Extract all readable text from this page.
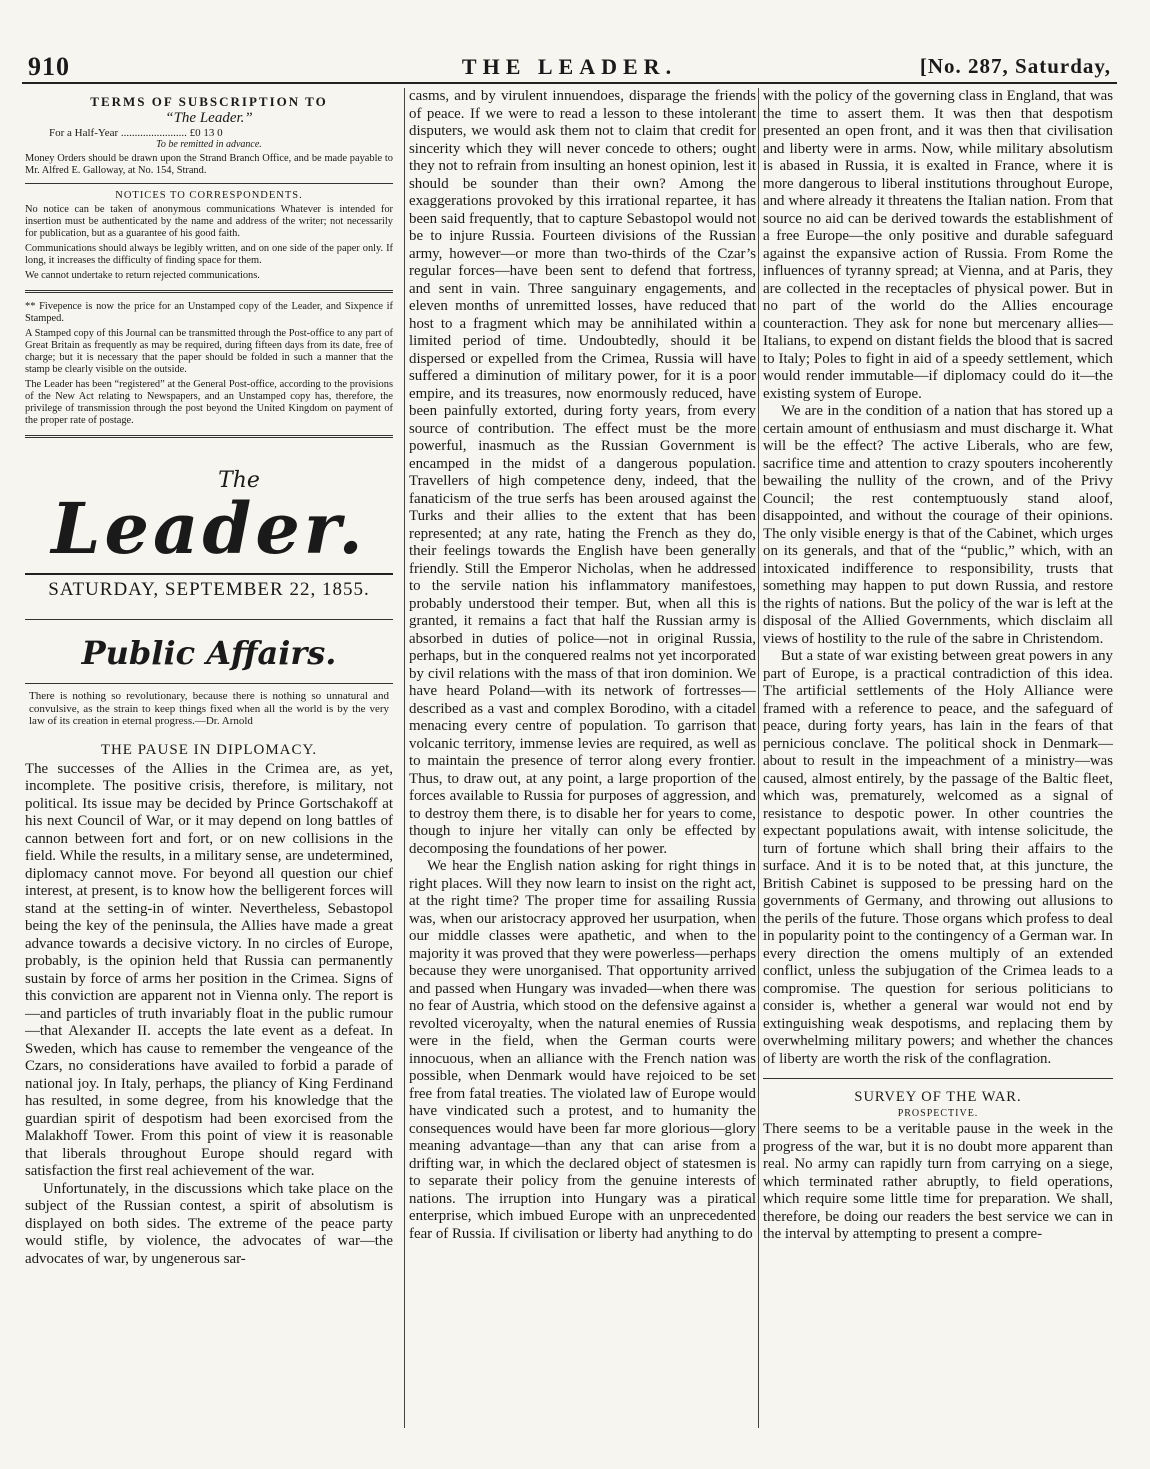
910	THE LEADER.	[No. 287, Saturday,
TERMS OF SUBSCRIPTION TO
“The Leader.”
For a Half-Year ........................ £0 13 0
To be remitted in advance.

Money Orders should be drawn upon the Strand Branch Office, and be made payable to Mr. Alfred E. Galloway, at No. 154, Strand.

NOTICES TO CORRESPONDENTS.

No notice can be taken of anonymous communications Whatever is intended for insertion must be authenticated by the name and address of the writer; not necessarily for publication, but as a guarantee of his good faith.

Communications should always be legibly written, and on one side of the paper only. If long, it increases the difficulty of finding space for them.

We cannot undertake to return rejected communications.

*⁩* Fivepence is now the price for an Unstamped copy of the Leader, and Sixpence if Stamped.

A Stamped copy of this Journal can be transmitted through the Post-office to any part of Great Britain as frequently as may be required, during fifteen days from its date, free of charge; but it is necessary that the paper should be folded in such a manner that the stamp be clearly visible on the outside.

The Leader has been “registered” at the General Post-office, according to the provisions of the New Act relating to Newspapers, and an Unstamped copy has, therefore, the privilege of transmission through the post beyond the United Kingdom on payment of the proper rate of postage.

The
Leader.
SATURDAY, SEPTEMBER 22, 1855.
Public Affairs.

There is nothing so revolutionary, because there is nothing so unnatural and convulsive, as the strain to keep things fixed when all the world is by the very law of its creation in eternal progress.—Dr. Arnold

THE PAUSE IN DIPLOMACY.

The successes of the Allies in the Crimea are, as yet, incomplete. The positive crisis, therefore, is military, not political. Its issue may be decided by Prince Gortschakoff at his next Council of War, or it may depend on long battles of cannon between fort and fort, or on new collisions in the field. While the results, in a military sense, are undetermined, diplomacy cannot move. For beyond all question our chief interest, at present, is to know how the belligerent forces will stand at the setting-in of winter. Nevertheless, Sebastopol being the key of the peninsula, the Allies have made a great advance towards a decisive victory. In no circles of Europe, probably, is the opinion held that Russia can permanently sustain by force of arms her position in the Crimea. Signs of this conviction are apparent not in Vienna only. The report is—and particles of truth invariably float in the public rumour—that Alexander II. accepts the late event as a defeat. In Sweden, which has cause to remember the vengeance of the Czars, no considerations have availed to forbid a parade of national joy. In Italy, perhaps, the pliancy of King Ferdinand has resulted, in some degree, from his knowledge that the guardian spirit of despotism had been exorcised from the Malakhoff Tower. From this point of view it is reasonable that liberals throughout Europe should regard with satisfaction the first real achievement of the war.

Unfortunately, in the discussions which take place on the subject of the Russian contest, a spirit of absolutism is displayed on both sides. The extreme of the peace party would stifle, by violence, the advocates of war—the advocates of war, by ungenerous sar-

casms, and by virulent innuendoes, disparage the friends of peace. If we were to read a lesson to these intolerant disputers, we would ask them not to claim that credit for sincerity which they will never concede to others; ought they not to refrain from insulting an honest opinion, lest it should be sounder than their own? Among the exaggerations provoked by this irrational repartee, it has been said frequently, that to capture Sebastopol would not be to injure Russia. Fourteen divisions of the Russian army, however—or more than two-thirds of the Czar’s regular forces—have been sent to defend that fortress, and sent in vain. Three sanguinary engagements, and eleven months of unremitted losses, have reduced that host to a fragment which may be annihilated within a limited period of time. Undoubtedly, should it be dispersed or expelled from the Crimea, Russia will have suffered a diminution of military power, for it is a poor empire, and its treasures, now enormously reduced, have been painfully extorted, during forty years, from every source of contribution. The effect must be the more powerful, inasmuch as the Russian Government is encamped in the midst of a dangerous population. Travellers of high competence deny, indeed, that the fanaticism of the true serfs has been aroused against the Turks and their allies to the extent that has been represented; at any rate, hating the French as they do, their feelings towards the English have been generally friendly. Still the Emperor Nicholas, when he addressed to the servile nation his inflammatory manifestoes, probably understood their temper. But, when all this is granted, it remains a fact that half the Russian army is absorbed in duties of police—not in original Russia, perhaps, but in the conquered realms not yet incorporated by civil relations with the mass of that iron dominion. We have heard Poland—with its network of fortresses—described as a vast and complex Borodino, with a citadel menacing every centre of population. To garrison that volcanic territory, immense levies are required, as well as to maintain the presence of terror along every frontier. Thus, to draw out, at any point, a large proportion of the forces available to Russia for purposes of aggression, and to destroy them there, is to disable her for years to come, though to injure her vitally can only be effected by decomposing the foundations of her power.

We hear the English nation asking for right things in right places. Will they now learn to insist on the right act, at the right time? The proper time for assailing Russia was, when our aristocracy approved her usurpation, when our middle classes were apathetic, and when to the majority it was proved that they were powerless—perhaps because they were unorganised. That opportunity arrived and passed when Hungary was invaded—when there was no fear of Austria, which stood on the defensive against a revolted viceroyalty, when the natural enemies of Russia were in the field, when the German courts were innocuous, when an alliance with the French nation was possible, when Denmark would have rejoiced to be set free from fatal treaties. The violated law of Europe would have vindicated such a protest, and to humanity the consequences would have been far more glorious—glory meaning advantage—than any that can arise from a drifting war, in which the declared object of statesmen is to separate their policy from the genuine interests of nations. The irruption into Hungary was a piratical enterprise, which imbued Europe with an unprecedented fear of Russia. If civilisation or liberty had anything to do

with the policy of the governing class in England, that was the time to assert them. It was then that despotism presented an open front, and it was then that civilisation and liberty were in arms. Now, while military absolutism is abased in Russia, it is exalted in France, where it is more dangerous to liberal institutions throughout Europe, and where already it threatens the Italian nation. From that source no aid can be derived towards the establishment of a free Europe—the only positive and durable safeguard against the expansive action of Russia. From Rome the influences of tyranny spread; at Vienna, and at Paris, they are collected in the receptacles of physical power. But in no part of the world do the Allies encourage counteraction. They ask for none but mercenary allies—Italians, to expend on distant fields the blood that is sacred to Italy; Poles to fight in aid of a speedy settlement, which would render immutable—if diplomacy could do it—the existing system of Europe.

We are in the condition of a nation that has stored up a certain amount of enthusiasm and must discharge it. What will be the effect? The active Liberals, who are few, sacrifice time and attention to crazy spouters incoherently bewailing the nullity of the crown, and of the Privy Council; the rest contemptuously stand aloof, disappointed, and without the courage of their opinions. The only visible energy is that of the Cabinet, which urges on its generals, and that of the “public,” which, with an intoxicated indifference to responsibility, trusts that something may happen to put down Russia, and restore the rights of nations. But the policy of the war is left at the disposal of the Allied Governments, which disclaim all views of hostility to the rule of the sabre in Christendom.

But a state of war existing between great powers in any part of Europe, is a practical contradiction of this idea. The artificial settlements of the Holy Alliance were framed with a reference to peace, and the safeguard of peace, during forty years, has lain in the fears of that pernicious conclave. The political shock in Denmark—about to result in the impeachment of a ministry—was caused, almost entirely, by the passage of the Baltic fleet, which was, prematurely, welcomed as a signal of resistance to despotic power. In other countries the expectant populations await, with intense solicitude, the turn of fortune which shall bring their affairs to the surface. And it is to be noted that, at this juncture, the British Cabinet is supposed to be pressing hard on the governments of Germany, and throwing out allusions to the perils of the future. Those organs which profess to deal in popularity point to the contingency of a German war. In every direction the omens multiply of an extended conflict, unless the subjugation of the Crimea leads to a compromise. The question for serious politicians to consider is, whether a general war would not end by extinguishing weak despotisms, and replacing them by overwhelming military powers; and whether the chances of liberty are worth the risk of the conflagration.

SURVEY OF THE WAR.
PROSPECTIVE.

There seems to be a veritable pause in the week in the progress of the war, but it is no doubt more apparent than real. No army can rapidly turn from carrying on a siege, which terminated rather abruptly, to field operations, which require some little time for preparation. We shall, therefore, be doing our readers the best service we can in the interval by attempting to present a compre-
